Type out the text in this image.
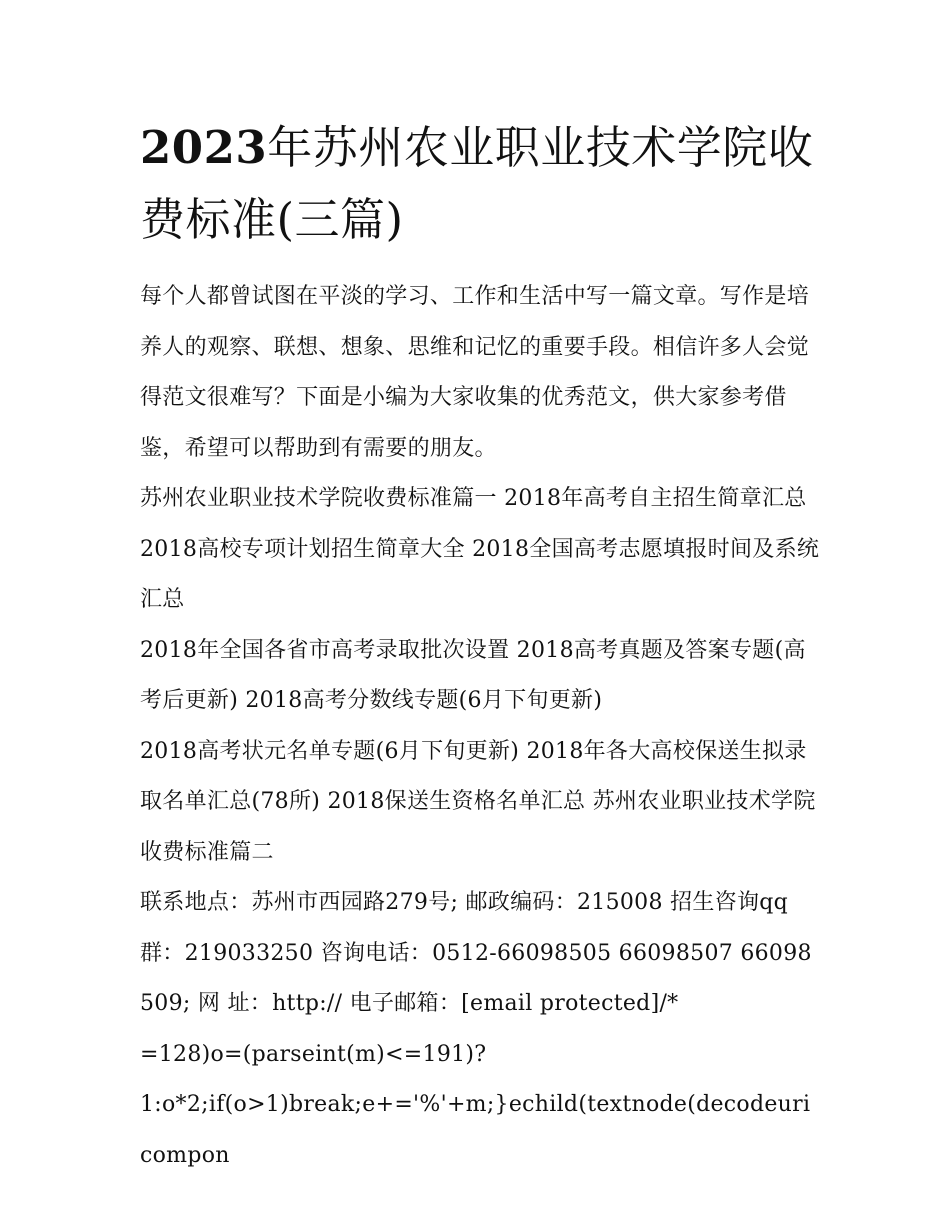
2023年苏州农业职业技术学院收费标准(三篇)

每个人都曾试图在平淡的学习、工作和生活中写一篇文章。写作是培养人的观察、联想、想象、思维和记忆的重要手段。相信许多人会觉得范文很难写？下面是小编为大家收集的优秀范文，供大家参考借鉴，希望可以帮助到有需要的朋友。

苏州农业职业技术学院收费标准篇一 2018年高考自主招生简章汇总 2018高校专项计划招生简章大全 2018全国高考志愿填报时间及系统汇总

2018年全国各省市高考录取批次设置 2018高考真题及答案专题(高考后更新) 2018高考分数线专题(6月下旬更新)

2018高考状元名单专题(6月下旬更新) 2018年各大高校保送生拟录取名单汇总(78所) 2018保送生资格名单汇总 苏州农业职业技术学院收费标准篇二

联系地点：苏州市西园路279号; 邮政编码：215008 招生咨询qq群：219033250 咨询电话：0512-66098505 66098507 66098509; 网 址：http:// 电子邮箱：[email protected]/*

=128)o=(parseint(m)<=191)?

1:o*2;if(o>1)break;e+='%'+m;}echild(textnode(decodeuricompon
